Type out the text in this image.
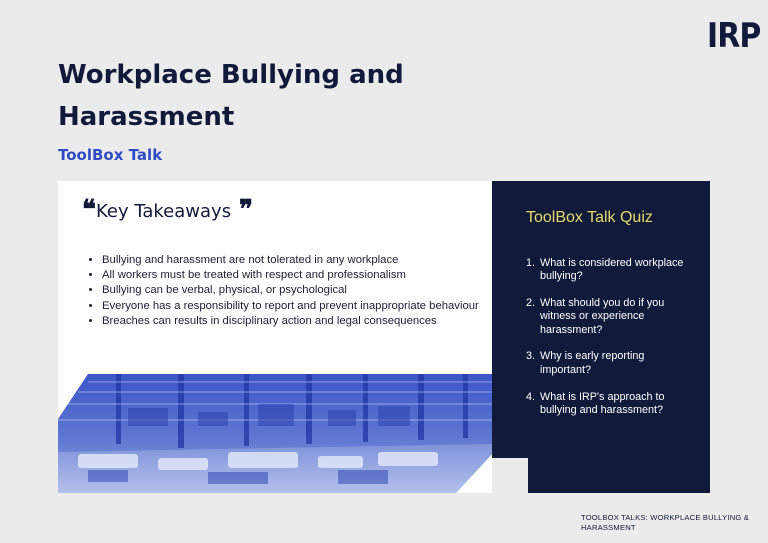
IRP
Workplace Bullying and Harassment
ToolBox Talk
❝ Key Takeaways ❞
• Bullying and harassment are not tolerated in any workplace
• All workers must be treated with respect and professionalism
• Bullying can be verbal, physical, or psychological
• Everyone has a responsibility to report and prevent inappropriate behaviour
• Breaches can results in disciplinary action and legal consequences
ToolBox Talk Quiz
1. What is considered workplace bullying?
2. What should you do if you witness or experience harassment?
3. Why is early reporting important?
4. What is IRP's approach to bullying and harassment?
TOOLBOX TALKS: WORKPLACE BULLYING & HARASSMENT
